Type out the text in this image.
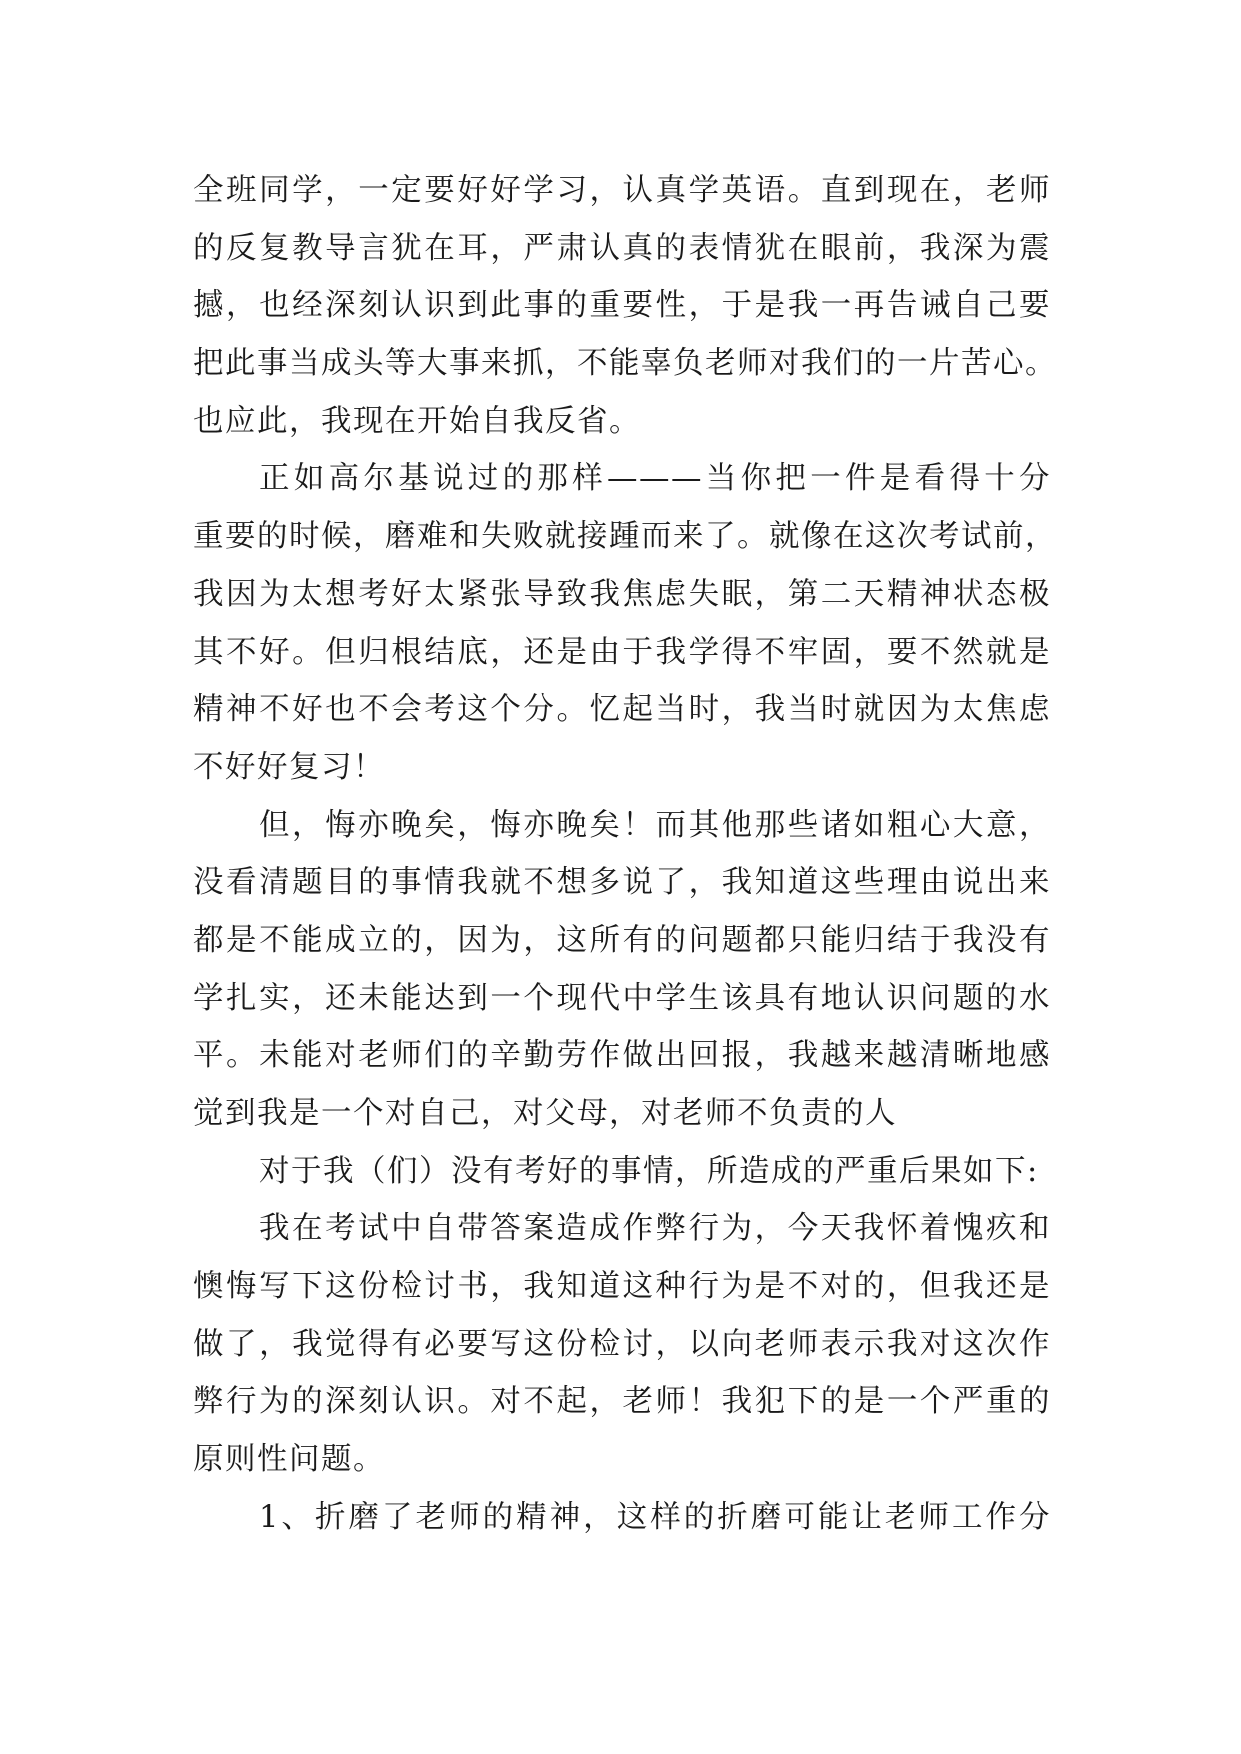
全班同学，一定要好好学习，认真学英语。直到现在，老师
的反复教导言犹在耳，严肃认真的表情犹在眼前，我深为震
撼，也经深刻认识到此事的重要性，于是我一再告诫自己要
把此事当成头等大事来抓，不能辜负老师对我们的一片苦心。
也应此，我现在开始自我反省。
正如高尔基说过的那样———当你把一件是看得十分
重要的时候，磨难和失败就接踵而来了。就像在这次考试前，
我因为太想考好太紧张导致我焦虑失眠，第二天精神状态极
其不好。但归根结底，还是由于我学得不牢固，要不然就是
精神不好也不会考这个分。忆起当时，我当时就因为太焦虑
不好好复习！
但，悔亦晚矣，悔亦晚矣！而其他那些诸如粗心大意，
没看清题目的事情我就不想多说了，我知道这些理由说出来
都是不能成立的，因为，这所有的问题都只能归结于我没有
学扎实，还未能达到一个现代中学生该具有地认识问题的水
平。未能对老师们的辛勤劳作做出回报，我越来越清晰地感
觉到我是一个对自己，对父母，对老师不负责的人
对于我（们）没有考好的事情，所造成的严重后果如下:
我在考试中自带答案造成作弊行为，今天我怀着愧疚和
懊悔写下这份检讨书，我知道这种行为是不对的，但我还是
做了，我觉得有必要写这份检讨，以向老师表示我对这次作
弊行为的深刻认识。对不起，老师！我犯下的是一个严重的
原则性问题。
1、折磨了老师的精神，这样的折磨可能让老师工作分
